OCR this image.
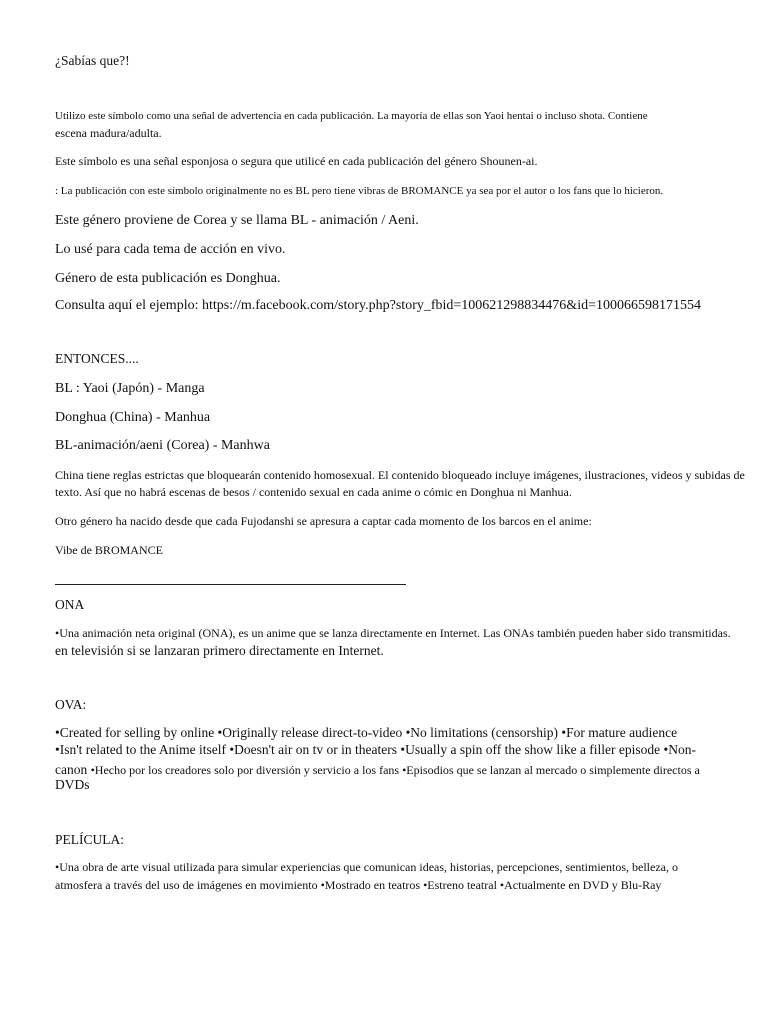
¿Sabías que?!

Utilizo este símbolo como una señal de advertencia en cada publicación. La mayoría de ellas son Yaoi hentai o incluso shota. Contiene

escena madura/adulta.

Este símbolo es una señal esponjosa o segura que utilicé en cada publicación del género Shounen-ai.

: La publicación con este símbolo originalmente no es BL pero tiene vibras de BROMANCE ya sea por el autor o los fans que lo hicieron.

Este género proviene de Corea y se llama BL - animación / Aeni.

Lo usé para cada tema de acción en vivo.

Género de esta publicación es Donghua.

Consulta aquí el ejemplo: https://m.facebook.com/story.php?story_fbid=100621298834476&id=100066598171554

ENTONCES....

BL : Yaoi (Japón) - Manga

Donghua (China) - Manhua

BL-animación/aeni (Corea) - Manhwa

China tiene reglas estrictas que bloquearán contenido homosexual. El contenido bloqueado incluye imágenes, ilustraciones, videos y subidas de texto. Así que no habrá escenas de besos / contenido sexual en cada anime o cómic en Donghua ni Manhua.

Otro género ha nacido desde que cada Fujodanshi se apresura a captar cada momento de los barcos en el anime:

Vibe de BROMANCE

ONA

•Una animación neta original (ONA), es un anime que se lanza directamente en Internet. Las ONAs también pueden haber sido transmitidas.

en televisión si se lanzaran primero directamente en Internet.

OVA:

•Created for selling by online •Originally release direct-to-video •No limitations (censorship) •For mature audience

•Isn't related to the Anime itself •Doesn't air on tv or in theaters •Usually a spin off the show like a filler episode •Non-

canon •Hecho por los creadores solo por diversión y servicio a los fans •Episodios que se lanzan al mercado o simplemente directos a

DVDs

PELÍCULA:

•Una obra de arte visual utilizada para simular experiencias que comunican ideas, historias, percepciones, sentimientos, belleza, o

atmosfera a través del uso de imágenes en movimiento •Mostrado en teatros •Estreno teatral •Actualmente en DVD y Blu-Ray
